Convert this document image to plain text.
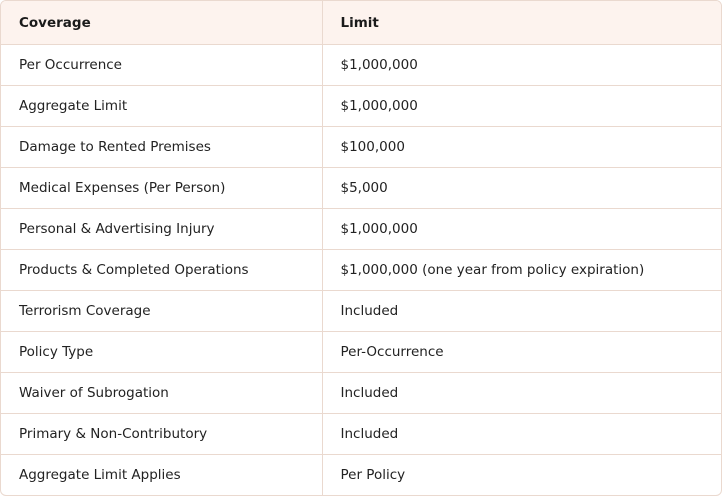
Coverage	Limit
Per Occurrence	$1,000,000
Aggregate Limit	$1,000,000
Damage to Rented Premises	$100,000
Medical Expenses (Per Person)	$5,000
Personal & Advertising Injury	$1,000,000
Products & Completed Operations	$1,000,000 (one year from policy expiration)
Terrorism Coverage	Included
Policy Type	Per-Occurrence
Waiver of Subrogation	Included
Primary & Non-Contributory	Included
Aggregate Limit Applies	Per Policy
